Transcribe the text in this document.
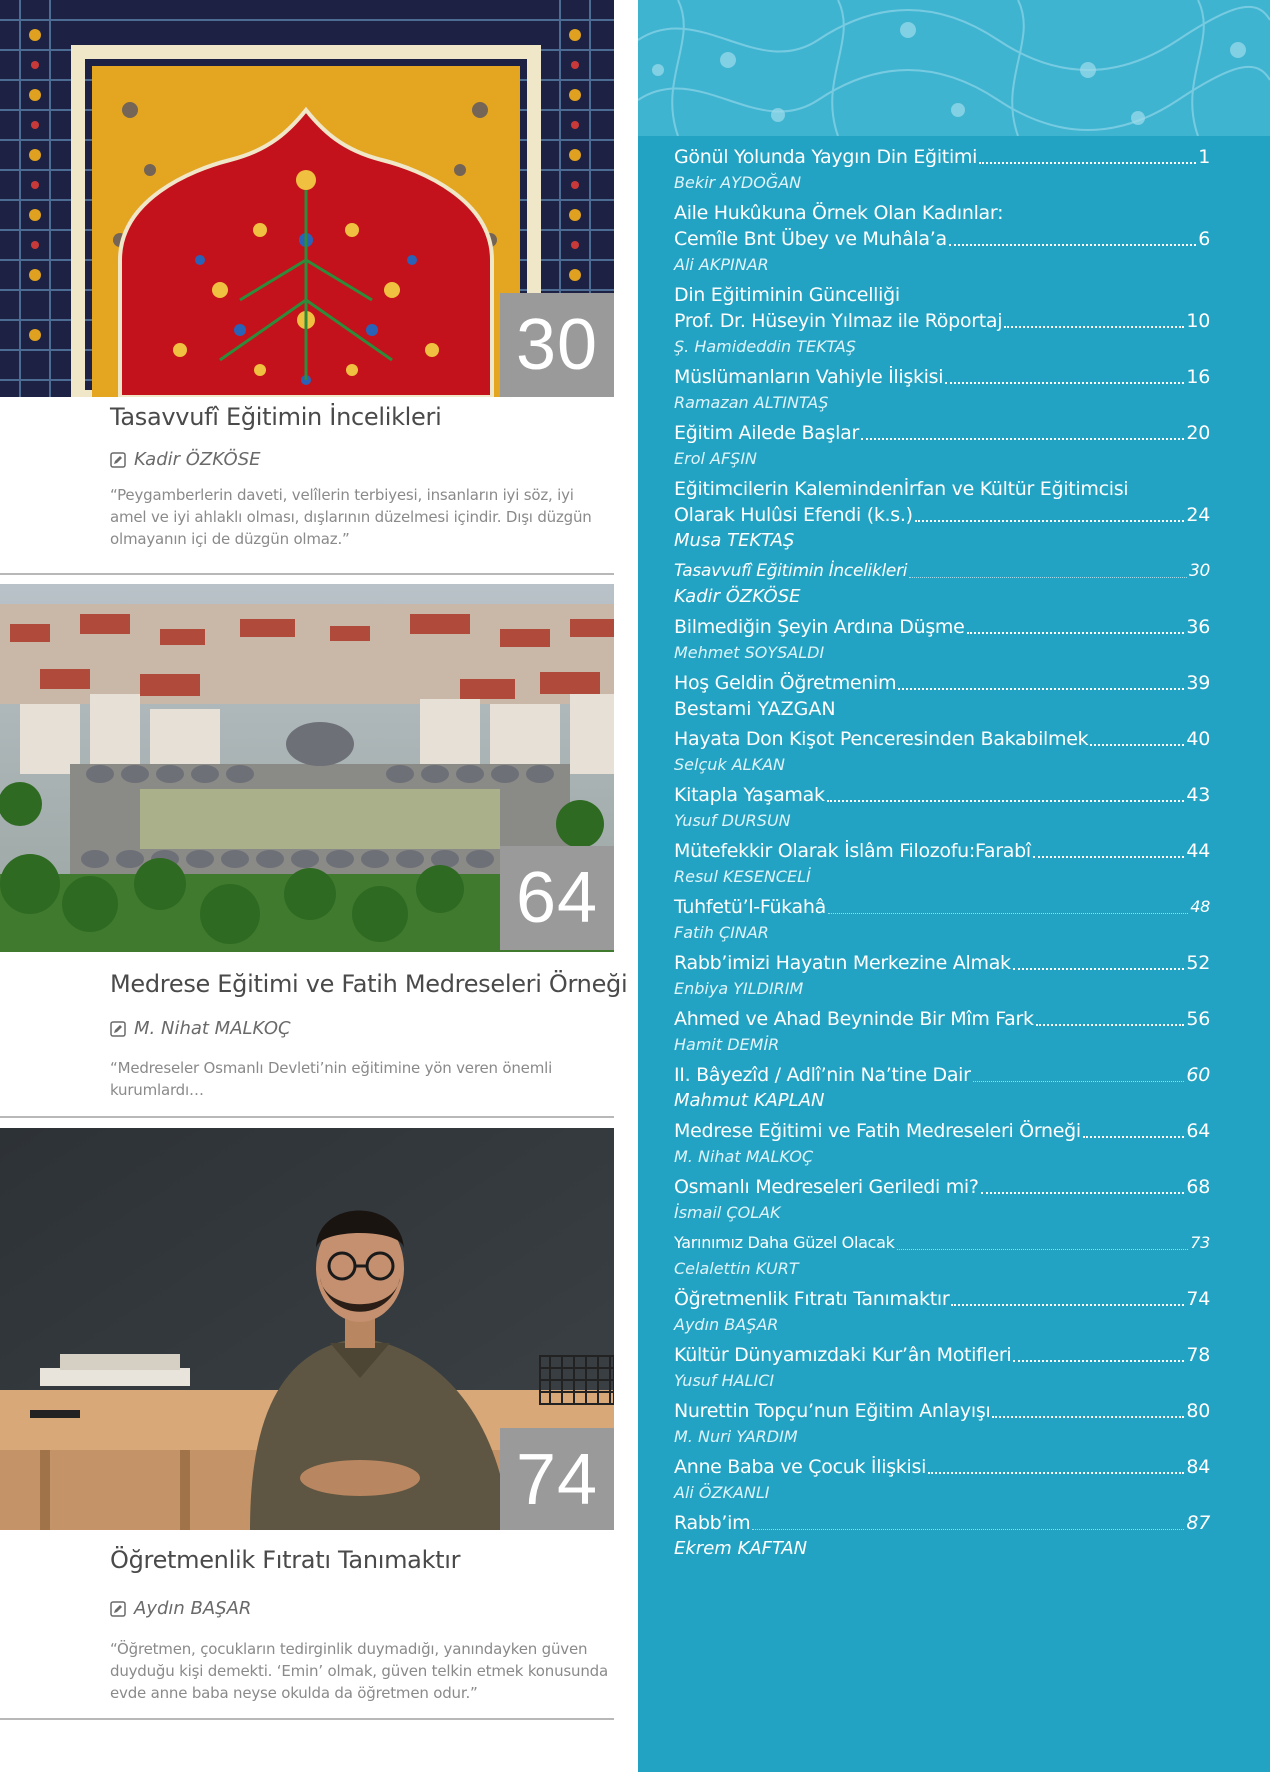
30
Tasavvufî Eğitimin İncelikleri
Kadir ÖZKÖSE
“Peygamberlerin daveti, velîlerin terbiyesi, insanların iyi söz, iyi amel ve iyi ahlaklı olması, dışlarının düzelmesi içindir. Dışı düzgün olmayanın içi de düzgün olmaz.”
64
Medrese Eğitimi ve Fatih Medreseleri Örneği
M. Nihat MALKOÇ
“Medreseler Osmanlı Devleti’nin eğitimine yön veren önemli kurumlardı…
74
Öğretmenlik Fıtratı Tanımaktır
Aydın BAŞAR
“Öğretmen, çocukların tedirginlik duymadığı, yanındayken güven duyduğu kişi demekti. ‘Emin’ olmak, güven telkin etmek konusunda evde anne baba neyse okulda da öğretmen odur.”
Gönül Yolunda Yaygın Din Eğitimi	1
Bekir AYDOĞAN
Aile Hukûkuna Örnek Olan Kadınlar:
Cemîle Bnt Übey ve Muhâla’a	6
Ali AKPINAR
Din Eğitiminin Güncelliği
Prof. Dr. Hüseyin Yılmaz ile Röportaj	10
Ş. Hamideddin TEKTAŞ
Müslümanların Vahiyle İlişkisi	16
Ramazan ALTINTAŞ
Eğitim Ailede Başlar	20
Erol AFŞIN
Eğitimcilerin Kalemindenİrfan ve Kültür Eğitimcisi
Olarak Hulûsi Efendi (k.s.)	24
Musa TEKTAŞ
Tasavvufî Eğitimin İncelikleri	30
Kadir ÖZKÖSE
Bilmediğin Şeyin Ardına Düşme	36
Mehmet SOYSALDI
Hoş Geldin Öğretmenim	39
Bestami YAZGAN
Hayata Don Kişot Penceresinden Bakabilmek	40
Selçuk ALKAN
Kitapla Yaşamak	43
Yusuf DURSUN
Mütefekkir Olarak İslâm Filozofu:Farabî	44
Resul KESENCELİ
Tuhfetü’l-Fükahâ	48
Fatih ÇINAR
Rabb’imizi Hayatın Merkezine Almak	52
Enbiya YILDIRIM
Ahmed ve Ahad Beyninde Bir Mîm Fark	56
Hamit DEMİR
II. Bâyezîd / Adlî’nin Na’tine Dair	60
Mahmut KAPLAN
Medrese Eğitimi ve Fatih Medreseleri Örneği	64
M. Nihat MALKOÇ
Osmanlı Medreseleri Geriledi mi?	68
İsmail ÇOLAK
Yarınımız Daha Güzel Olacak	73
Celalettin KURT
Öğretmenlik Fıtratı Tanımaktır	74
Aydın BAŞAR
Kültür Dünyamızdaki Kur’ân Motifleri	78
Yusuf HALICI
Nurettin Topçu’nun Eğitim Anlayışı	80
M. Nuri YARDIM
Anne Baba ve Çocuk İlişkisi	84
Ali ÖZKANLI
Rabb’im	87
Ekrem KAFTAN
